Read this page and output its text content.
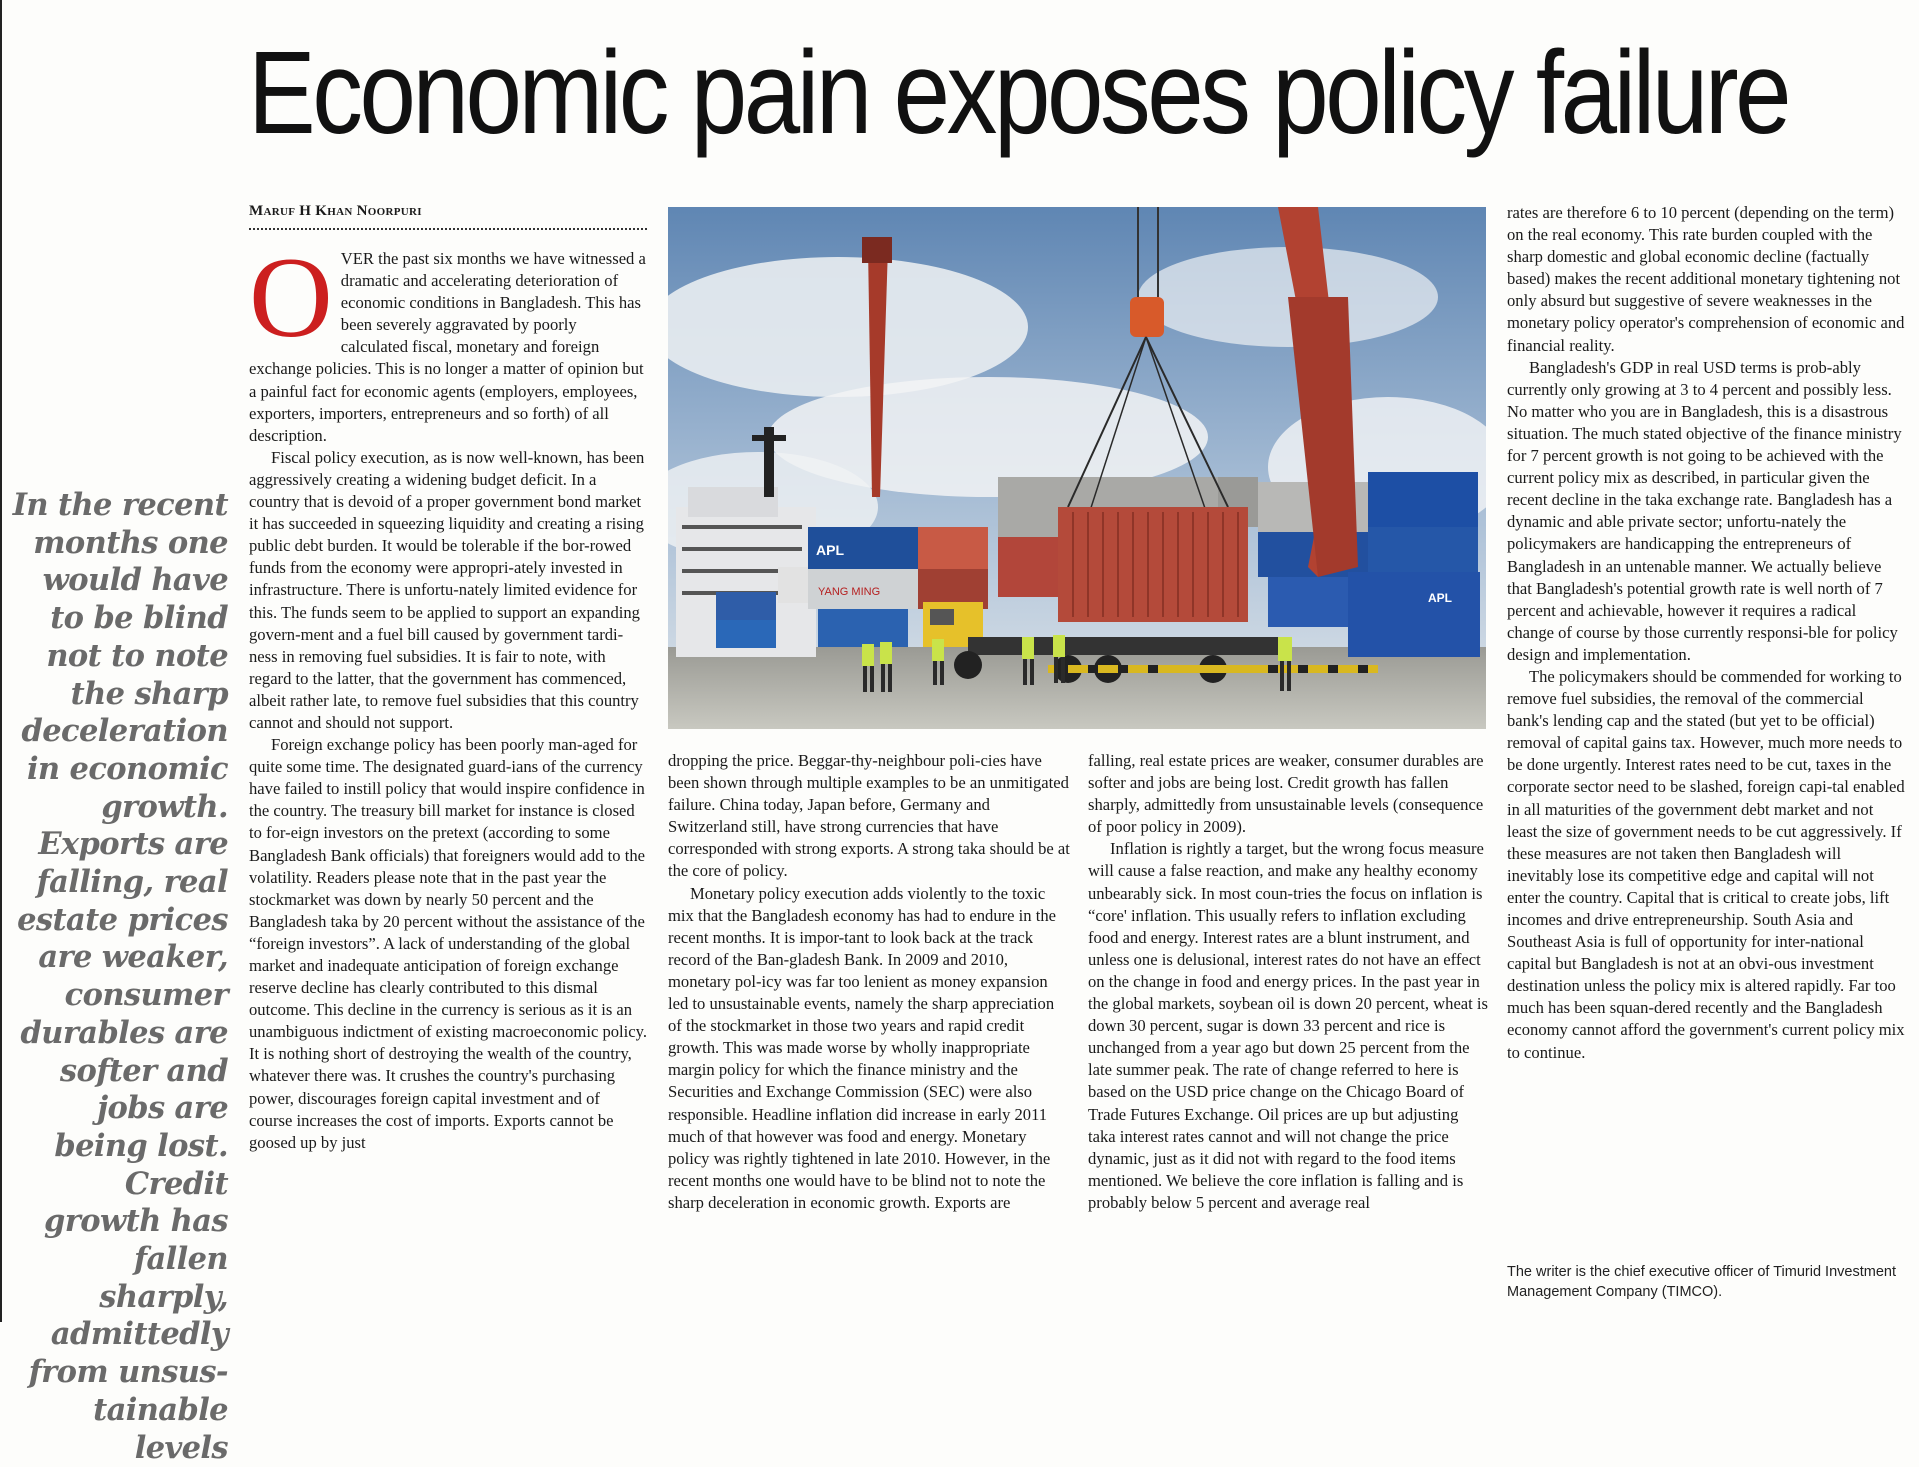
Economic pain exposes policy failure
Maruf H Khan Noorpuri
In the recent months one would have to be blind not to note the sharp deceleration in economic growth. Exports are falling, real estate prices are weaker, consumer durables are softer and jobs are being lost. Credit growth has fallen sharply, admittedly from unsus-tainable levels

OVER the past six months we have witnessed a dramatic and accelerating deterioration of economic conditions in Bangladesh. This has been severely aggravated by poorly calculated fiscal, monetary and foreign exchange policies. This is no longer a matter of opinion but a painful fact for economic agents (employers, employees, exporters, importers, entrepreneurs and so forth) of all description.

Fiscal policy execution, as is now well-known, has been aggressively creating a widening budget deficit. In a country that is devoid of a proper government bond market it has succeeded in squeezing liquidity and creating a rising public debt burden. It would be tolerable if the bor-rowed funds from the economy were appropri-ately invested in infrastructure. There is unfortu-nately limited evidence for this. The funds seem to be applied to support an expanding govern-ment and a fuel bill caused by government tardi-ness in removing fuel subsidies. It is fair to note, with regard to the latter, that the government has commenced, albeit rather late, to remove fuel subsidies that this country cannot and should not support.

Foreign exchange policy has been poorly man-aged for quite some time. The designated guard-ians of the currency have failed to instill policy that would inspire confidence in the country. The treasury bill market for instance is closed to for-eign investors on the pretext (according to some Bangladesh Bank officials) that foreigners would add to the volatility. Readers please note that in the past year the stockmarket was down by nearly 50 percent and the Bangladesh taka by 20 percent without the assistance of the “foreign investors”. A lack of understanding of the global market and inadequate anticipation of foreign exchange reserve decline has clearly contributed to this dismal outcome. This decline in the currency is serious as it is an unambiguous indictment of existing macroeconomic policy. It is nothing short of destroying the wealth of the country, whatever there was. It crushes the country's purchasing power, discourages foreign capital investment and of course increases the cost of imports. Exports cannot be goosed up by just

APL
YANG MING	APL

dropping the price. Beggar-thy-neighbour poli-cies have been shown through multiple examples to be an unmitigated failure. China today, Japan before, Germany and Switzerland still, have strong currencies that have corresponded with strong exports. A strong taka should be at the core of policy.

Monetary policy execution adds violently to the toxic mix that the Bangladesh economy has had to endure in the recent months. It is impor-tant to look back at the track record of the Ban-gladesh Bank. In 2009 and 2010, monetary pol-icy was far too lenient as money expansion led to unsustainable events, namely the sharp appreciation of the stockmarket in those two years and rapid credit growth. This was made worse by wholly inappropriate margin policy for which the finance ministry and the Securities and Exchange Commission (SEC) were also responsible. Headline inflation did increase in early 2011 much of that however was food and energy. Monetary policy was rightly tightened in late 2010. However, in the recent months one would have to be blind not to note the sharp deceleration in economic growth. Exports are

falling, real estate prices are weaker, consumer durables are softer and jobs are being lost. Credit growth has fallen sharply, admittedly from unsustainable levels (consequence of poor policy in 2009).

Inflation is rightly a target, but the wrong focus measure will cause a false reaction, and make any healthy economy unbearably sick. In most coun-tries the focus on inflation is “core' inflation. This usually refers to inflation excluding food and energy. Interest rates are a blunt instrument, and unless one is delusional, interest rates do not have an effect on the change in food and energy prices. In the past year in the global markets, soybean oil is down 20 percent, wheat is down 30 percent, sugar is down 33 percent and rice is unchanged from a year ago but down 25 percent from the late summer peak. The rate of change referred to here is based on the USD price change on the Chicago Board of Trade Futures Exchange. Oil prices are up but adjusting taka interest rates cannot and will not change the price dynamic, just as it did not with regard to the food items mentioned. We believe the core inflation is falling and is probably below 5 percent and average real

rates are therefore 6 to 10 percent (depending on the term) on the real economy. This rate burden coupled with the sharp domestic and global economic decline (factually based) makes the recent additional monetary tightening not only absurd but suggestive of severe weaknesses in the monetary policy operator's comprehension of economic and financial reality.

Bangladesh's GDP in real USD terms is prob-ably currently only growing at 3 to 4 percent and possibly less. No matter who you are in Bangladesh, this is a disastrous situation. The much stated objective of the finance ministry for 7 percent growth is not going to be achieved with the current policy mix as described, in particular given the recent decline in the taka exchange rate. Bangladesh has a dynamic and able private sector; unfortu-nately the policymakers are handicapping the entrepreneurs of Bangladesh in an untenable manner. We actually believe that Bangladesh's potential growth rate is well north of 7 percent and achievable, however it requires a radical change of course by those currently responsi-ble for policy design and implementation.

The policymakers should be commended for working to remove fuel subsidies, the removal of the commercial bank's lending cap and the stated (but yet to be official) removal of capital gains tax. However, much more needs to be done urgently. Interest rates need to be cut, taxes in the corporate sector need to be slashed, foreign capi-tal enabled in all maturities of the government debt market and not least the size of government needs to be cut aggressively. If these measures are not taken then Bangladesh will inevitably lose its competitive edge and capital will not enter the country. Capital that is critical to create jobs, lift incomes and drive entrepreneurship. South Asia and Southeast Asia is full of opportunity for inter-national capital but Bangladesh is not at an obvi-ous investment destination unless the policy mix is altered rapidly. Far too much has been squan-dered recently and the Bangladesh economy cannot afford the government's current policy mix to continue.

The writer is the chief executive officer of Timurid Investment Management Company (TIMCO).
